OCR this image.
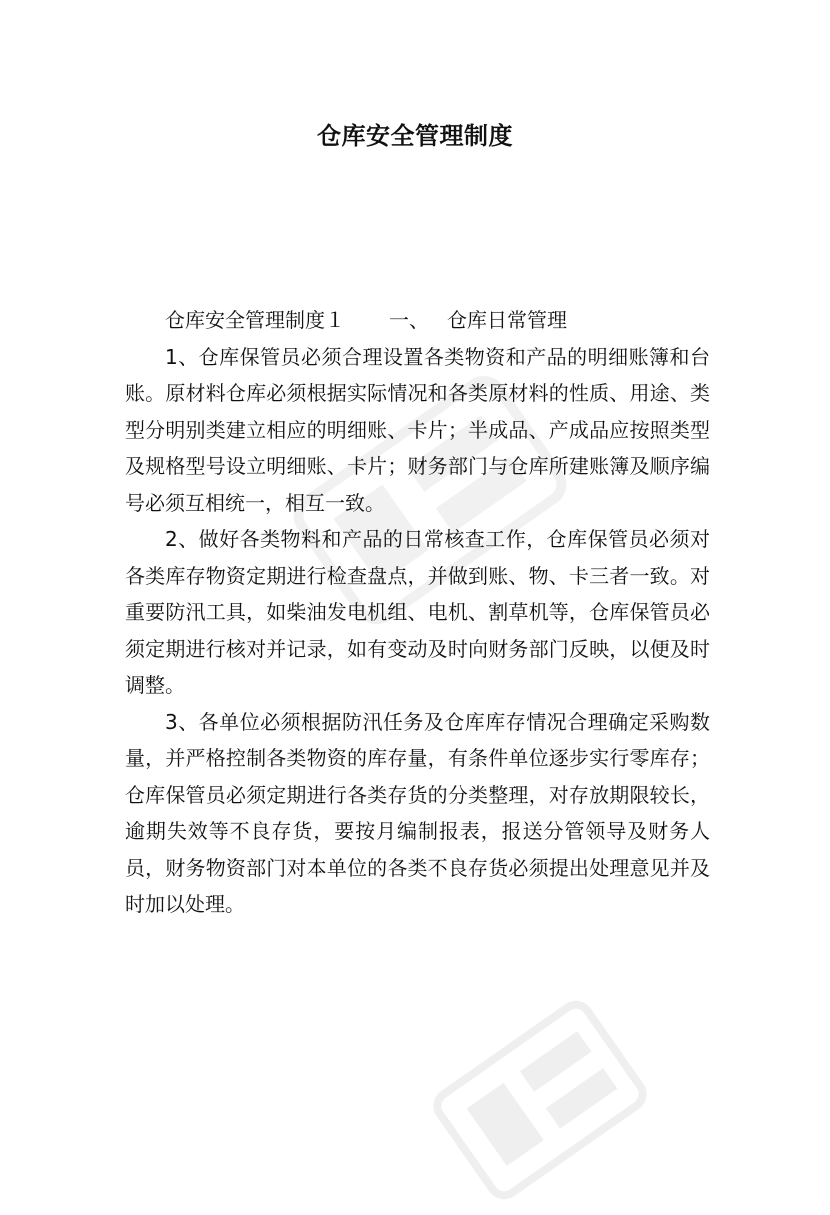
仓库安全管理制度

仓库安全管理制度１ 一、 仓库日常管理

1、仓库保管员必须合理设置各类物资和产品的明细账簿和台账。原材料仓库必须根据实际情况和各类原材料的性质、用途、类型分明别类建立相应的明细账、卡片；半成品、产成品应按照类型及规格型号设立明细账、卡片；财务部门与仓库所建账簿及顺序编号必须互相统一，相互一致。

2、做好各类物料和产品的日常核查工作，仓库保管员必须对各类库存物资定期进行检查盘点，并做到账、物、卡三者一致。对重要防汛工具，如柴油发电机组、电机、割草机等，仓库保管员必须定期进行核对并记录，如有变动及时向财务部门反映，以便及时调整。

3、各单位必须根据防汛任务及仓库库存情况合理确定采购数量，并严格控制各类物资的库存量，有条件单位逐步实行零库存；仓库保管员必须定期进行各类存货的分类整理，对存放期限较长，逾期失效等不良存货，要按月编制报表，报送分管领导及财务人员，财务物资部门对本单位的各类不良存货必须提出处理意见并及时加以处理。
